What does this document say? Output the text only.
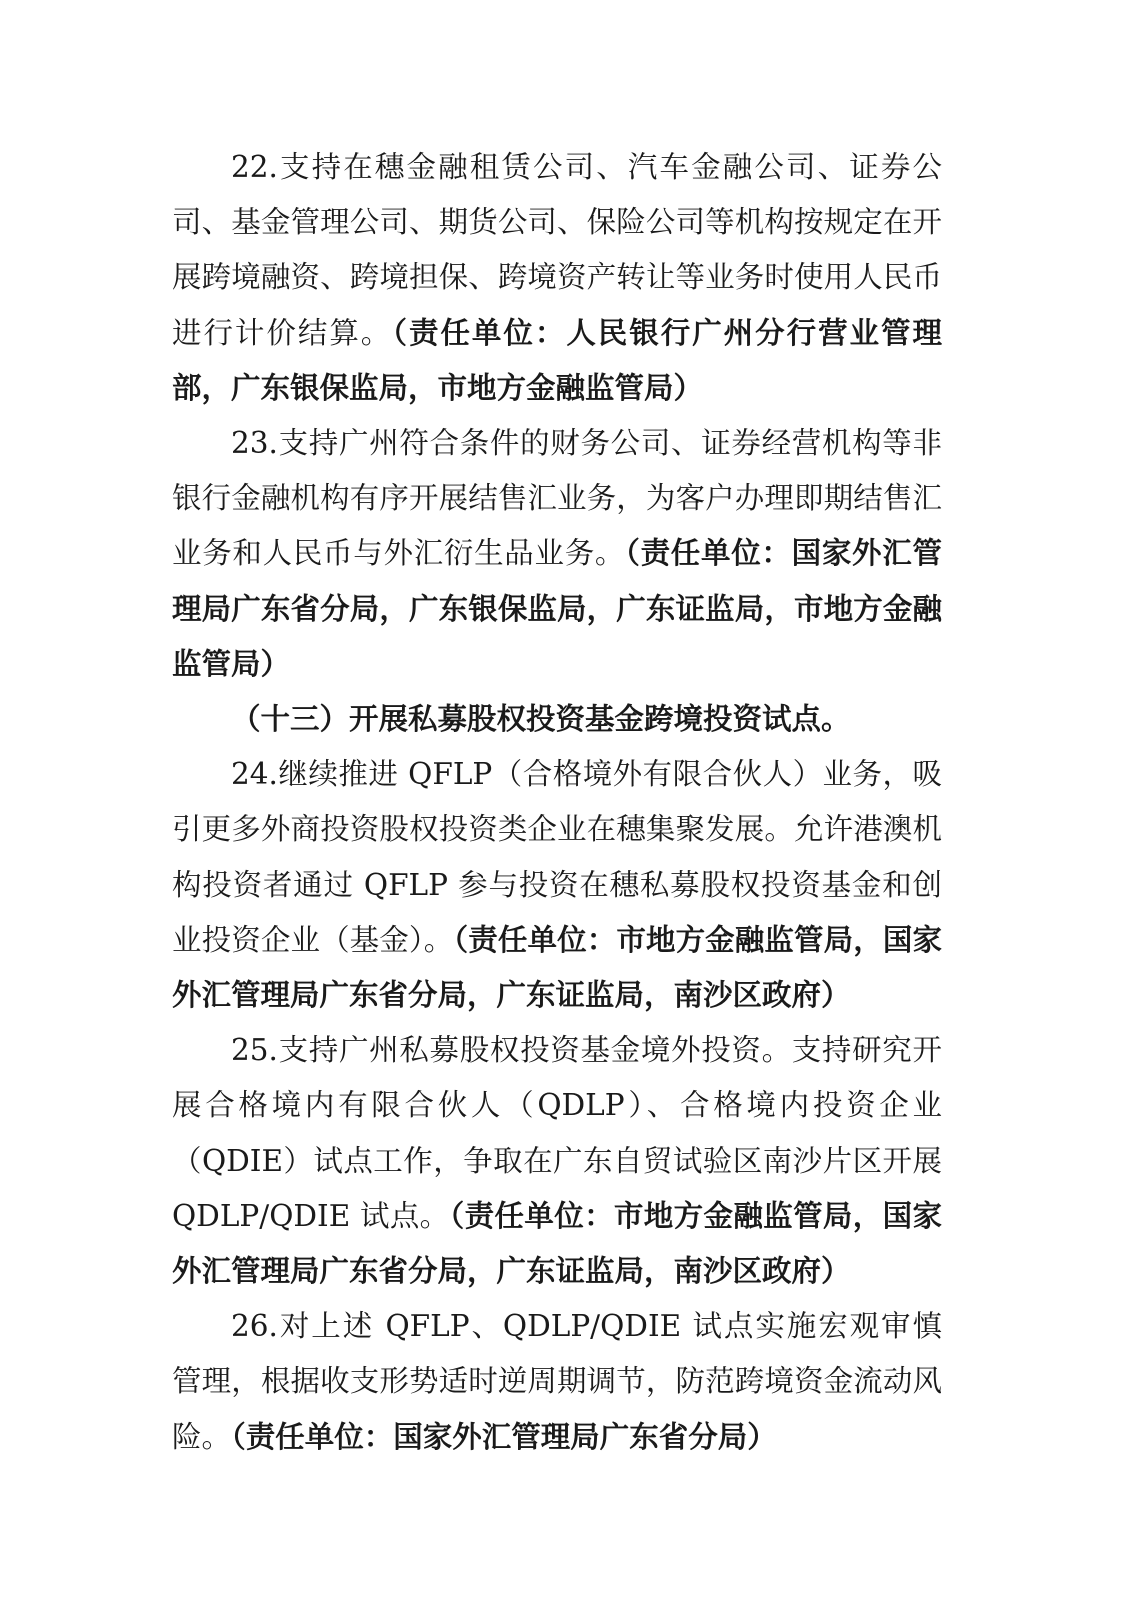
22.支持在穗金融租赁公司、汽车金融公司、证券公司、基金管理公司、期货公司、保险公司等机构按规定在开展跨境融资、跨境担保、跨境资产转让等业务时使用人民币进行计价结算。（责任单位：人民银行广州分行营业管理部，广东银保监局，市地方金融监管局）

23.支持广州符合条件的财务公司、证券经营机构等非银行金融机构有序开展结售汇业务，为客户办理即期结售汇业务和人民币与外汇衍生品业务。（责任单位：国家外汇管理局广东省分局，广东银保监局，广东证监局，市地方金融监管局）

（十三）开展私募股权投资基金跨境投资试点。

24.继续推进 QFLP（合格境外有限合伙人）业务，吸引更多外商投资股权投资类企业在穗集聚发展。允许港澳机构投资者通过 QFLP 参与投资在穗私募股权投资基金和创业投资企业（基金）。（责任单位：市地方金融监管局，国家外汇管理局广东省分局，广东证监局，南沙区政府）

25.支持广州私募股权投资基金境外投资。支持研究开展合格境内有限合伙人（QDLP）、合格境内投资企业（QDIE）试点工作，争取在广东自贸试验区南沙片区开展 QDLP/QDIE 试点。（责任单位：市地方金融监管局，国家外汇管理局广东省分局，广东证监局，南沙区政府）

26.对上述 QFLP、QDLP/QDIE 试点实施宏观审慎管理，根据收支形势适时逆周期调节，防范跨境资金流动风险。（责任单位：国家外汇管理局广东省分局）
